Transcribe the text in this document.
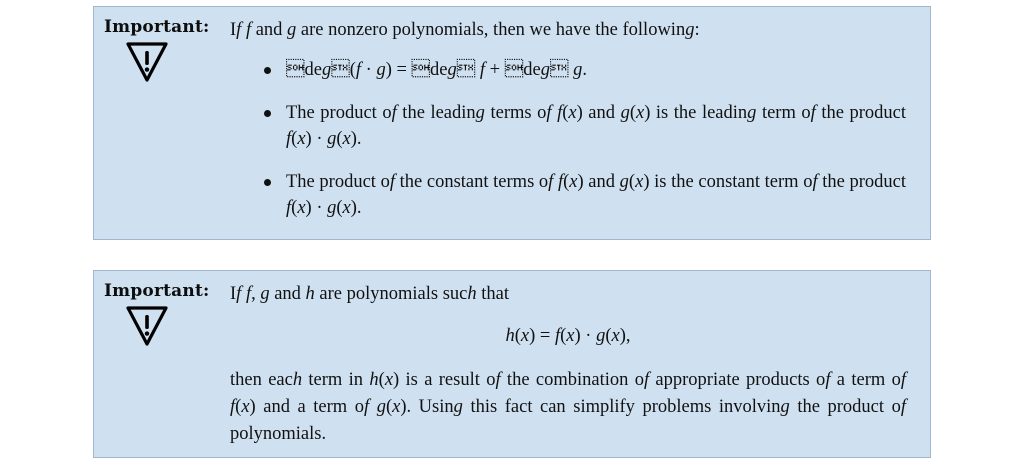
Important: If f and g are nonzero polynomials, then we have the following:

deg(f · g) = deg f + deg g.
The product of the leading terms of f(x) and g(x) is the leading term of the product f(x) · g(x).
The product of the constant terms of f(x) and g(x) is the constant term of the product f(x) · g(x).
Important: If f, g and h are polynomials such that

h(x) = f(x) · g(x),

then each term in h(x) is a result of the combination of appropriate products of a term of f(x) and a term of g(x). Using this fact can simplify problems involving the product of polynomials.
